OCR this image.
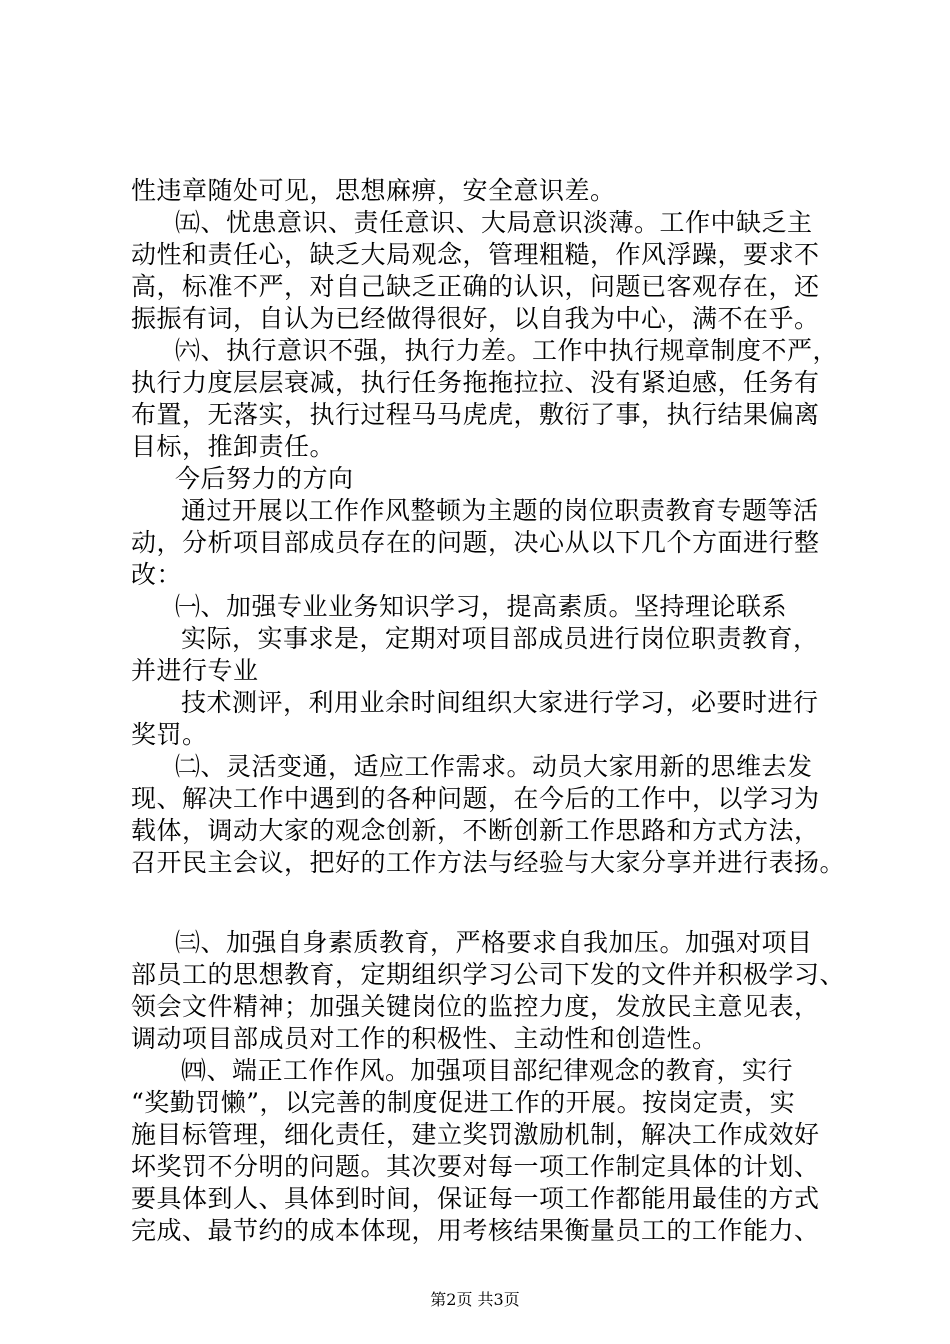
性违章随处可见，思想麻痹，安全意识差。
㈤、忧患意识、责任意识、大局意识淡薄。工作中缺乏主
动性和责任心，缺乏大局观念，管理粗糙，作风浮躁，要求不
高，标准不严，对自己缺乏正确的认识，问题已客观存在，还
振振有词，自认为已经做得很好，以自我为中心，满不在乎。
㈥、执行意识不强，执行力差。工作中执行规章制度不严，
执行力度层层衰减，执行任务拖拖拉拉、没有紧迫感，任务有
布置，无落实，执行过程马马虎虎，敷衍了事，执行结果偏离
目标，推卸责任。
今后努力的方向
通过开展以工作作风整顿为主题的岗位职责教育专题等活
动，分析项目部成员存在的问题，决心从以下几个方面进行整
改：
㈠、加强专业业务知识学习，提高素质。坚持理论联系
实际，实事求是，定期对项目部成员进行岗位职责教育，
并进行专业
技术测评，利用业余时间组织大家进行学习，必要时进行
奖罚。
㈡、灵活变通，适应工作需求。动员大家用新的思维去发
现、解决工作中遇到的各种问题，在今后的工作中，以学习为
载体，调动大家的观念创新，不断创新工作思路和方式方法，
召开民主会议，把好的工作方法与经验与大家分享并进行表扬。
㈢、加强自身素质教育，严格要求自我加压。加强对项目
部员工的思想教育，定期组织学习公司下发的文件并积极学习、
领会文件精神；加强关键岗位的监控力度，发放民主意见表，
调动项目部成员对工作的积极性、主动性和创造性。
㈣、端正工作作风。加强项目部纪律观念的教育，实行
“奖勤罚懒”，以完善的制度促进工作的开展。按岗定责，实
施目标管理，细化责任，建立奖罚激励机制，解决工作成效好
坏奖罚不分明的问题。其次要对每一项工作制定具体的计划、
要具体到人、具体到时间，保证每一项工作都能用最佳的方式
完成、最节约的成本体现，用考核结果衡量员工的工作能力、
第2页 共3页
